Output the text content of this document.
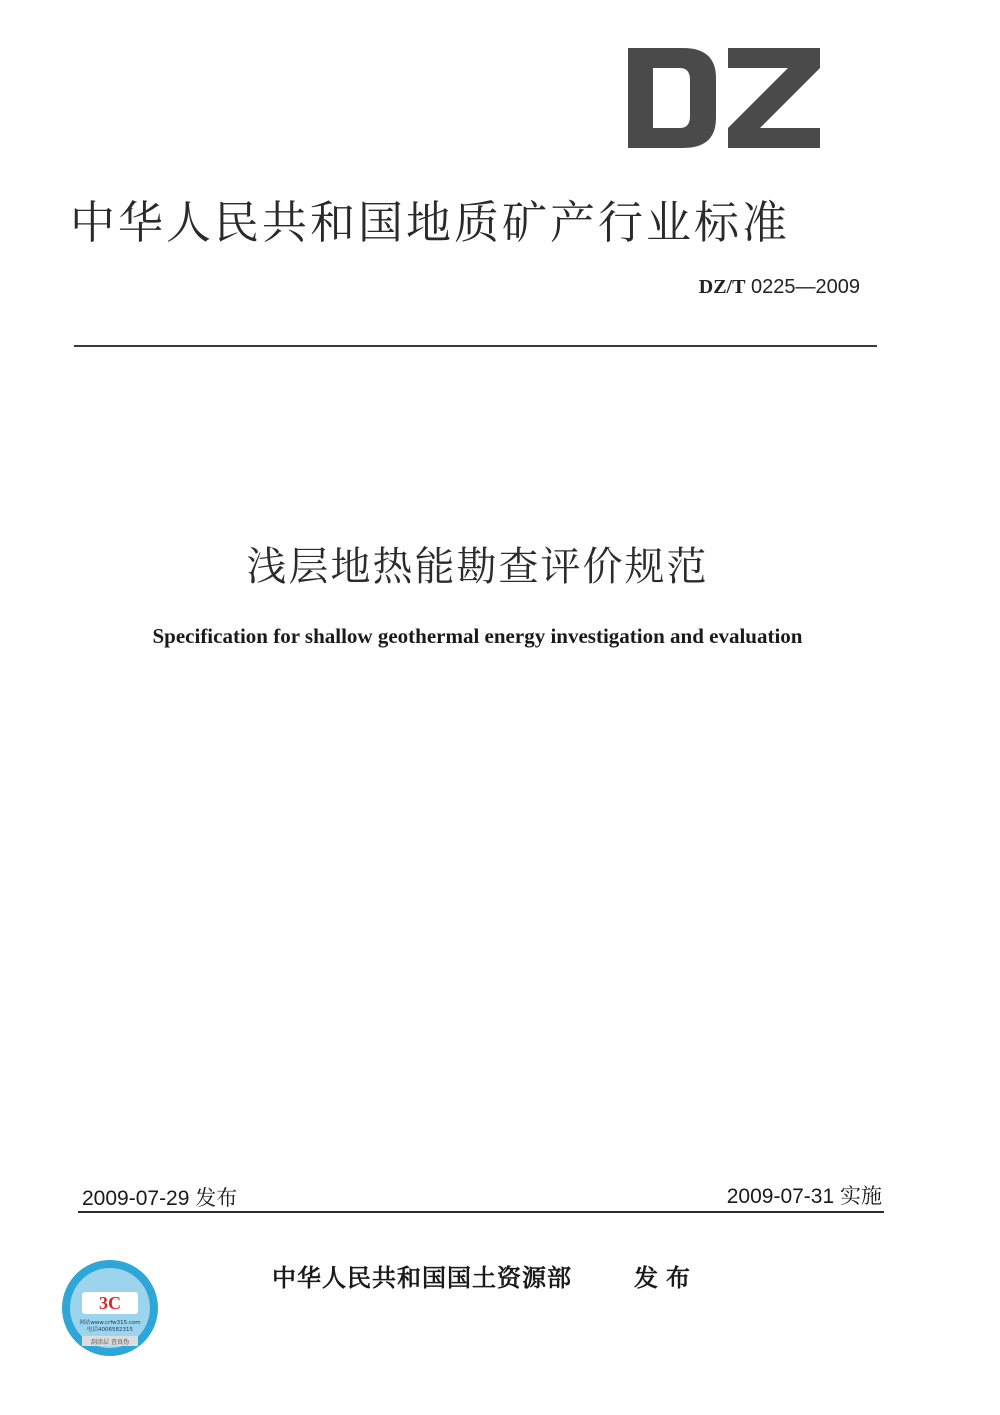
中华人民共和国地质矿产行业标准
DZ/T 0225—2009
浅层地热能勘查评价规范
Specification for shallow geothermal energy investigation and evaluation
2009-07-29 发布	2009-07-31 实施
3C
网站www.crfw315.com
电话4006582315
刮涂层 查真伪
中华人民共和国国土资源部	发布
